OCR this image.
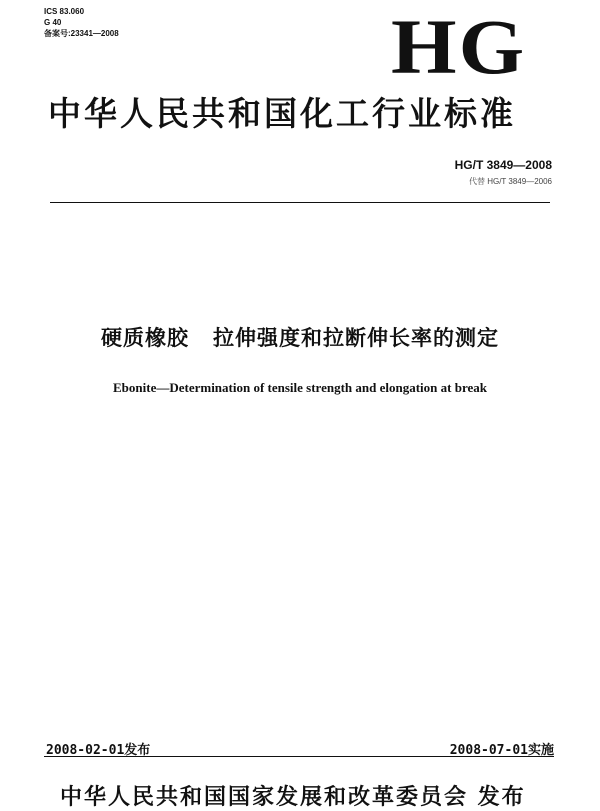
ICS 83.060
G 40
备案号:23341—2008	HG
中华人民共和国化工行业标准
HG/T 3849—2008
代替 HG/T 3849—2006
硬质橡胶 拉伸强度和拉断伸长率的测定
Ebonite—Determination of tensile strength and elongation at break
2008-02-01发布	2008-07-01实施
中华人民共和国国家发展和改革委员会 发布
